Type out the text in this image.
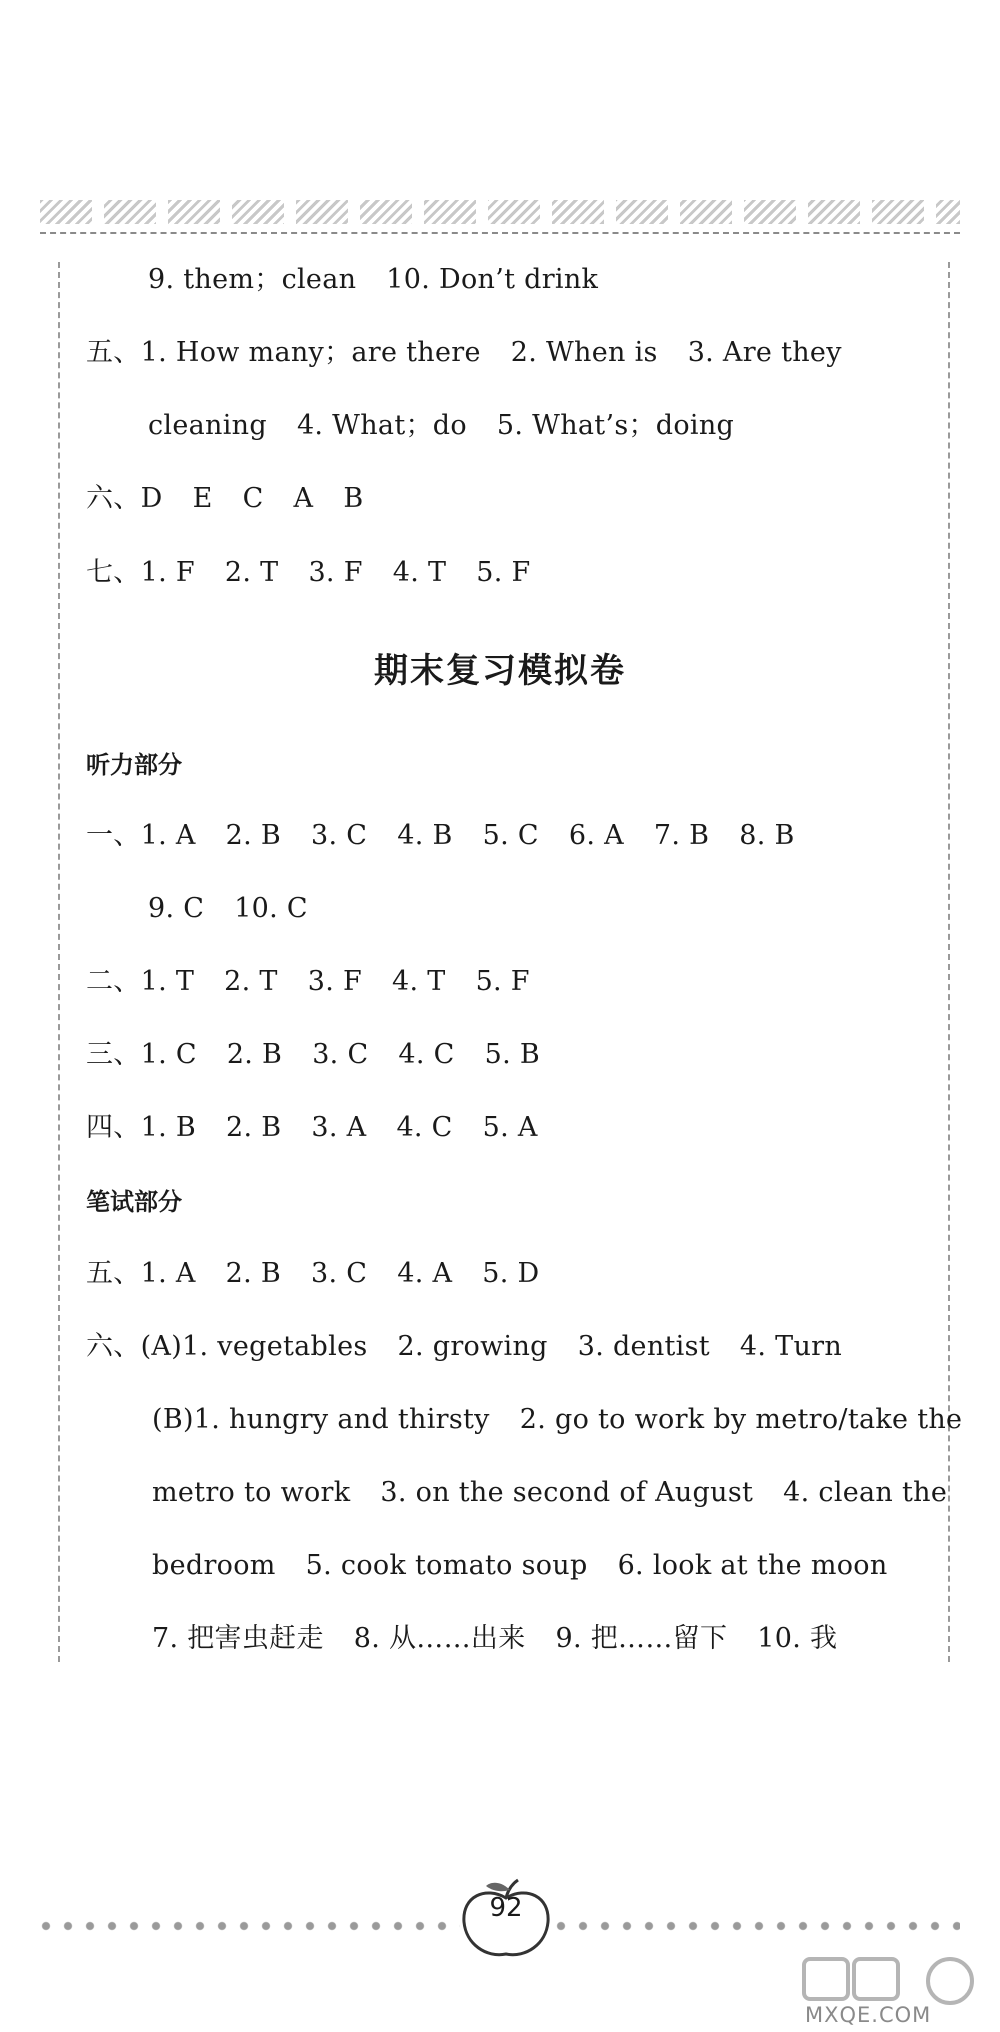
9. them；clean 10. Don’t drink
五、1. How many；are there 2. When is 3. Are they
cleaning 4. What；do 5. What’s；doing
六、D E C A B
七、1. F 2. T 3. F 4. T 5. F
期末复习模拟卷
听力部分
一、1. A 2. B 3. C 4. B 5. C 6. A 7. B 8. B
9. C 10. C
二、1. T 2. T 3. F 4. T 5. F
三、1. C 2. B 3. C 4. C 5. B
四、1. B 2. B 3. A 4. C 5. A
笔试部分
五、1. A 2. B 3. C 4. A 5. D
六、(A)1. vegetables 2. growing 3. dentist 4. Turn
(B)1. hungry and thirsty 2. go to work by metro/take the
metro to work 3. on the second of August 4. clean the
bedroom 5. cook tomato soup 6. look at the moon
7. 把害虫赶走 8. 从……出来 9. 把……留下 10. 我
92
MXQE.COM
